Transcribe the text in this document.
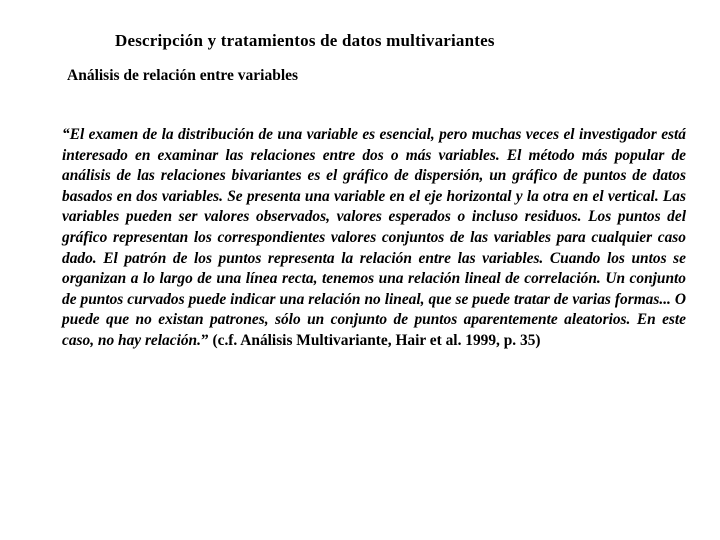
Descripción y tratamientos de datos multivariantes
Análisis de relación entre variables

“El examen de la distribución de una variable es esencial, pero muchas veces el investigador está interesado en examinar las relaciones entre dos o más variables. El método más popular de análisis de las relaciones bivariantes es el gráfico de dispersión, un gráfico de puntos de datos basados en dos variables. Se presenta una variable en el eje horizontal y la otra en el vertical. Las variables pueden ser valores observados, valores esperados o incluso residuos. Los puntos del gráfico representan los correspondientes valores conjuntos de las variables para cualquier caso dado. El patrón de los puntos representa la relación entre las variables. Cuando los untos se organizan a lo largo de una línea recta, tenemos una relación lineal de correlación. Un conjunto de puntos curvados puede indicar una relación no lineal, que se puede tratar de varias formas... O puede que no existan patrones, sólo un conjunto de puntos aparentemente aleatorios. En este caso, no hay relación.” (c.f. Análisis Multivariante, Hair et al. 1999, p. 35)
